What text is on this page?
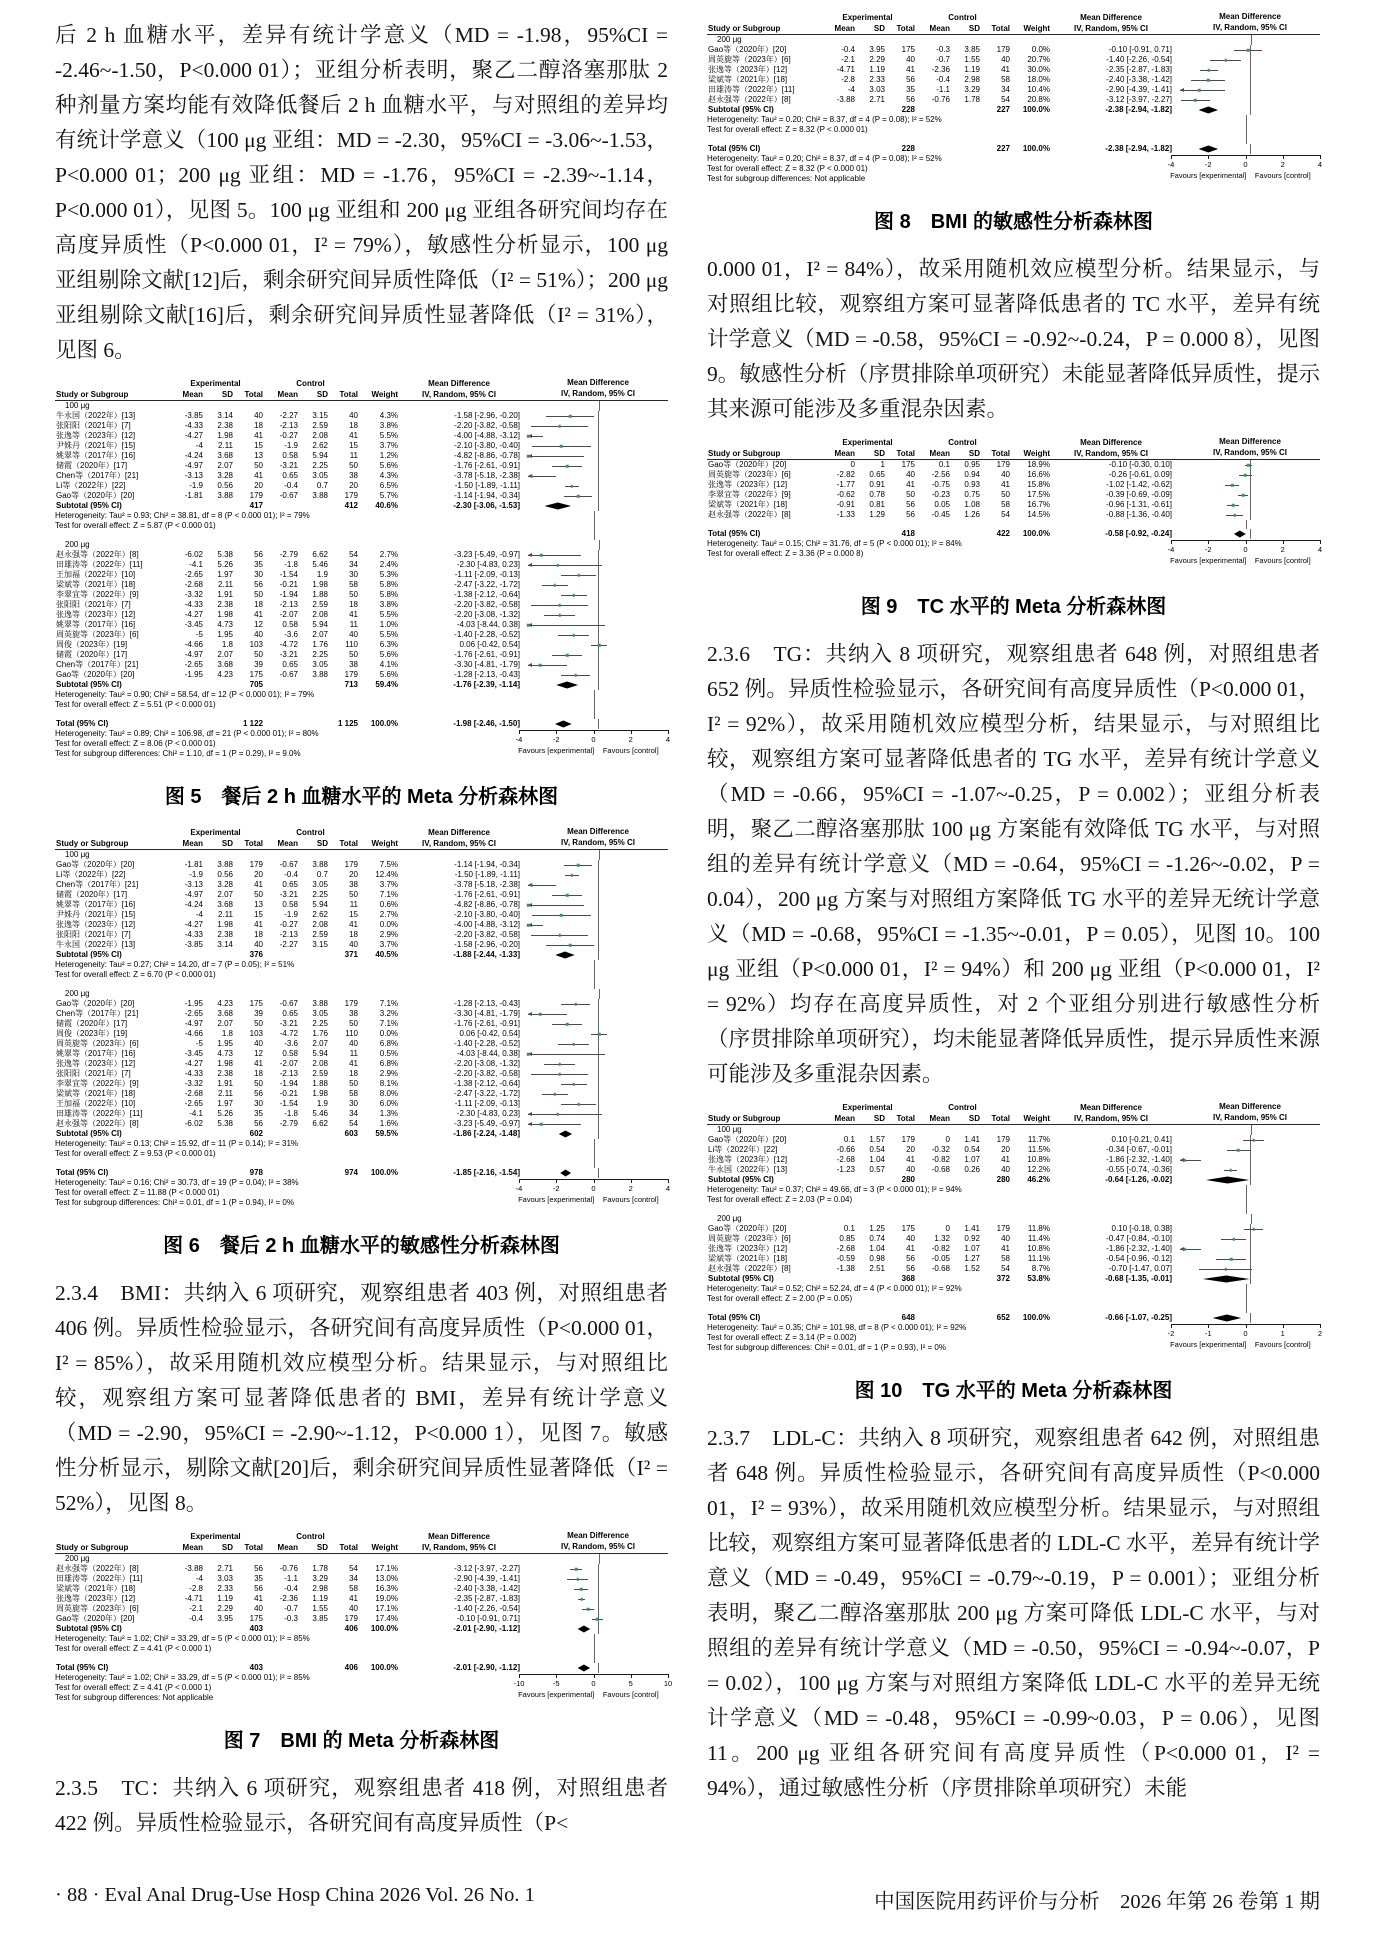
后 2 h 血糖水平，差异有统计学意义（MD = -1.98，95%CI = -2.46~-1.50，P<0.000 01）；亚组分析表明，聚乙二醇洛塞那肽 2 种剂量方案均能有效降低餐后 2 h 血糖水平，与对照组的差异均有统计学意义（100 μg 亚组：MD = -2.30，95%CI = -3.06~-1.53，P<0.000 01；200 μg 亚组：MD = -1.76，95%CI = -2.39~-1.14，P<0.000 01），见图 5。100 μg 亚组和 200 μg 亚组各研究间均存在高度异质性（P<0.000 01，I² = 79%），敏感性分析显示，100 μg 亚组剔除文献[12]后，剩余研究间异质性降低（I² = 51%）；200 μg 亚组剔除文献[16]后，剩余研究间异质性显著降低（I² = 31%），见图 6。

Experimental	Control	Mean Difference	Mean Difference
Study or Subgroup	Mean	SD	Total	Mean	SD	Total	Weight	IV, Random, 95% CI	IV, Random, 95% CI
100 μg
牛永国（2022年）[13]	-3.85	3.14	40	-2.27	3.15	40	4.3%	-1.58 [-2.96, -0.20]
张阳阳（2021年）[7]	-4.33	2.38	18	-2.13	2.59	18	3.8%	-2.20 [-3.82, -0.58]
张逸等（2023年）[12]	-4.27	1.98	41	-0.27	2.08	41	5.5%	-4.00 [-4.88, -3.12]
尹姝丹（2021年）[15]	-4	2.11	15	-1.9	2.62	15	3.7%	-2.10 [-3.80, -0.40]
姚翠等（2017年）[16]	-4.24	3.68	13	0.58	5.94	11	1.2%	-4.82 [-8.86, -0.78]
储霞（2020年）[17]	-4.97	2.07	50	-3.21	2.25	50	5.6%	-1.76 [-2.61, -0.91]
Chen等（2017年）[21]	-3.13	3.28	41	0.65	3.05	38	4.3%	-3.78 [-5.18, -2.38]
Li等（2022年）[22]	-1.9	0.56	20	-0.4	0.7	20	6.5%	-1.50 [-1.89, -1.11]
Gao等（2020年）[20]	-1.81	3.88	179	-0.67	3.88	179	5.7%	-1.14 [-1.94, -0.34]
Subtotal (95% CI)	417	412	40.6%	-2.30 [-3.06, -1.53]
Heterogeneity: Tau² = 0.93; Chi² = 38.81, df = 8 (P < 0.000 01); I² = 79%
Test for overall effect: Z = 5.87 (P < 0.000 01)
200 μg
赵永强等（2022年）[8]	-6.02	5.38	56	-2.79	6.62	54	2.7%	-3.23 [-5.49, -0.97]
田雄涛等（2022年）[11]	-4.1	5.26	35	-1.8	5.46	34	2.4%	-2.30 [-4.83, 0.23]
王加福（2022年）[10]	-2.65	1.97	30	-1.54	1.9	30	5.3%	-1.11 [-2.09, -0.13]
梁斌等（2021年）[18]	-2.68	2.11	56	-0.21	1.98	58	5.8%	-2.47 [-3.22, -1.72]
李翠宜等（2022年）[9]	-3.32	1.91	50	-1.94	1.88	50	5.8%	-1.38 [-2.12, -0.64]
张阳阳（2021年）[7]	-4.33	2.38	18	-2.13	2.59	18	3.8%	-2.20 [-3.82, -0.58]
张逸等（2023年）[12]	-4.27	1.98	41	-2.07	2.08	41	5.5%	-2.20 [-3.08, -1.32]
姚翠等（2017年）[16]	-3.45	4.73	12	0.58	5.94	11	1.0%	-4.03 [-8.44, 0.38]
周英旎等（2023年）[6]	-5	1.95	40	-3.6	2.07	40	5.5%	-1.40 [-2.28, -0.52]
周俊（2023年）[19]	-4.66	1.8	103	-4.72	1.76	110	6.3%	0.06 [-0.42, 0.54]
储霞（2020年）[17]	-4.97	2.07	50	-3.21	2.25	50	5.6%	-1.76 [-2.61, -0.91]
Chen等（2017年）[21]	-2.65	3.68	39	0.65	3.05	38	4.1%	-3.30 [-4.81, -1.79]
Gao等（2020年）[20]	-1.95	4.23	175	-0.67	3.88	179	5.6%	-1.28 [-2.13, -0.43]
Subtotal (95% CI)	705	713	59.4%	-1.76 [-2.39, -1.14]
Heterogeneity: Tau² = 0.90; Chi² = 58.54, df = 12 (P < 0.000 01); I² = 79%
Test for overall effect: Z = 5.51 (P < 0.000 01)
Total (95% CI)	1 122	1 125	100.0%	-1.98 [-2.46, -1.50]
Heterogeneity: Tau² = 0.89; Chi² = 106.98, df = 21 (P < 0.000 01); I² = 80%
Test for overall effect: Z = 8.06 (P < 0.000 01)
Test for subgroup differences: Chi² = 1.10, df = 1 (P = 0.29), I² = 9.0%
-4	-2	0	2	4
Favours [experimental] Favours [control]
图 5　餐后 2 h 血糖水平的 Meta 分析森林图
Experimental	Control	Mean Difference	Mean Difference
Study or Subgroup	Mean	SD	Total	Mean	SD	Total	Weight	IV, Random, 95% CI	IV, Random, 95% CI
100 μg
Gao等（2020年）[20]	-1.81	3.88	179	-0.67	3.88	179	7.5%	-1.14 [-1.94, -0.34]
Li等（2022年）[22]	-1.9	0.56	20	-0.4	0.7	20	12.4%	-1.50 [-1.89, -1.11]
Chen等（2017年）[21]	-3.13	3.28	41	0.65	3.05	38	3.7%	-3.78 [-5.18, -2.38]
储霞（2020年）[17]	-4.97	2.07	50	-3.21	2.25	50	7.1%	-1.76 [-2.61, -0.91]
姚翠等（2017年）[16]	-4.24	3.68	13	0.58	5.94	11	0.6%	-4.82 [-8.86, -0.78]
尹姝丹（2021年）[15]	-4	2.11	15	-1.9	2.62	15	2.7%	-2.10 [-3.80, -0.40]
张逸等（2023年）[12]	-4.27	1.98	41	-0.27	2.08	41	0.0%	-4.00 [-4.88, -3.12]
张阳阳（2021年）[7]	-4.33	2.38	18	-2.13	2.59	18	2.9%	-2.20 [-3.82, -0.58]
牛永国（2022年）[13]	-3.85	3.14	40	-2.27	3.15	40	3.7%	-1.58 [-2.96, -0.20]
Subtotal (95% CI)	376	371	40.5%	-1.88 [-2.44, -1.33]
Heterogeneity: Tau² = 0.27; Chi² = 14.20, df = 7 (P = 0.05); I² = 51%
Test for overall effect: Z = 6.70 (P < 0.000 01)
200 μg
Gao等（2020年）[20]	-1.95	4.23	175	-0.67	3.88	179	7.1%	-1.28 [-2.13, -0.43]
Chen等（2017年）[21]	-2.65	3.68	39	0.65	3.05	38	3.2%	-3.30 [-4.81, -1.79]
储霞（2020年）[17]	-4.97	2.07	50	-3.21	2.25	50	7.1%	-1.76 [-2.61, -0.91]
周俊（2023年）[19]	-4.66	1.8	103	-4.72	1.76	110	0.0%	0.06 [-0.42, 0.54]
周英旎等（2023年）[6]	-5	1.95	40	-3.6	2.07	40	6.8%	-1.40 [-2.28, -0.52]
姚翠等（2017年）[16]	-3.45	4.73	12	0.58	5.94	11	0.5%	-4.03 [-8.44, 0.38]
张逸等（2023年）[12]	-4.27	1.98	41	-2.07	2.08	41	6.8%	-2.20 [-3.08, -1.32]
张阳阳（2021年）[7]	-4.33	2.38	18	-2.13	2.59	18	2.9%	-2.20 [-3.82, -0.58]
李翠宜等（2022年）[9]	-3.32	1.91	50	-1.94	1.88	50	8.1%	-1.38 [-2.12, -0.64]
梁斌等（2021年）[18]	-2.68	2.11	56	-0.21	1.98	58	8.0%	-2.47 [-3.22, -1.72]
王加福（2022年）[10]	-2.65	1.97	30	-1.54	1.9	30	6.0%	-1.11 [-2.09, -0.13]
田雄涛等（2022年）[11]	-4.1	5.26	35	-1.8	5.46	34	1.3%	-2.30 [-4.83, 0.23]
赵永强等（2022年）[8]	-6.02	5.38	56	-2.79	6.62	54	1.6%	-3.23 [-5.49, -0.97]
Subtotal (95% CI)	602	603	59.5%	-1.86 [-2.24, -1.48]
Heterogeneity: Tau² = 0.13; Chi² = 15.92, df = 11 (P = 0.14); I² = 31%
Test for overall effect: Z = 9.53 (P < 0.000 01)
Total (95% CI)	978	974	100.0%	-1.85 [-2.16, -1.54]
Heterogeneity: Tau² = 0.16; Chi² = 30.73, df = 19 (P = 0.04); I² = 38%
Test for overall effect: Z = 11.88 (P < 0.000 01)
Test for subgroup differences: Chi² = 0.01, df = 1 (P = 0.94), I² = 0%
-4	-2	0	2	4
Favours [experimental] Favours [control]
图 6　餐后 2 h 血糖水平的敏感性分析森林图

2.3.4　BMI：共纳入 6 项研究，观察组患者 403 例，对照组患者 406 例。异质性检验显示，各研究间有高度异质性（P<0.000 01，I² = 85%），故采用随机效应模型分析。结果显示，与对照组比较，观察组方案可显著降低患者的 BMI，差异有统计学意义（MD = -2.90，95%CI = -2.90~-1.12，P<0.000 1），见图 7。敏感性分析显示，剔除文献[20]后，剩余研究间异质性显著降低（I² = 52%），见图 8。

Experimental	Control	Mean Difference	Mean Difference
Study or Subgroup	Mean	SD	Total	Mean	SD	Total	Weight	IV, Random, 95% CI	IV, Random, 95% CI
200 μg
赵永强等（2022年）[8]	-3.88	2.71	56	-0.76	1.78	54	17.1%	-3.12 [-3.97, -2.27]
田雄涛等（2022年）[11]	-4	3.03	35	-1.1	3.29	34	13.0%	-2.90 [-4.39, -1.41]
梁斌等（2021年）[18]	-2.8	2.33	56	-0.4	2.98	58	16.3%	-2.40 [-3.38, -1.42]
张逸等（2023年）[12]	-4.71	1.19	41	-2.36	1.19	41	19.0%	-2.35 [-2.87, -1.83]
周英旎等（2023年）[6]	-2.1	2.29	40	-0.7	1.55	40	17.1%	-1.40 [-2.26, -0.54]
Gao等（2020年）[20]	-0.4	3.95	175	-0.3	3.85	179	17.4%	-0.10 [-0.91, 0.71]
Subtotal (95% CI)	403	406	100.0%	-2.01 [-2.90, -1.12]
Heterogeneity: Tau² = 1.02; Chi² = 33.29, df = 5 (P < 0.000 01); I² = 85%
Test for overall effect: Z = 4.41 (P < 0.000 1)
Total (95% CI)	403	406	100.0%	-2.01 [-2.90, -1.12]
Heterogeneity: Tau² = 1.02; Chi² = 33.29, df = 5 (P < 0.000 01); I² = 85%
Test for overall effect: Z = 4.41 (P < 0.000 1)
Test for subgroup differences: Not applicable
-10	-5	0	5	10
Favours [experimental] Favours [control]
图 7　BMI 的 Meta 分析森林图

2.3.5　TC：共纳入 6 项研究，观察组患者 418 例，对照组患者 422 例。异质性检验显示，各研究间有高度异质性（P<

Experimental	Control	Mean Difference	Mean Difference
Study or Subgroup	Mean	SD	Total	Mean	SD	Total	Weight	IV, Random, 95% CI	IV, Random, 95% CI
200 μg
Gao等（2020年）[20]	-0.4	3.95	175	-0.3	3.85	179	0.0%	-0.10 [-0.91, 0.71]
周英旎等（2023年）[6]	-2.1	2.29	40	-0.7	1.55	40	20.7%	-1.40 [-2.26, -0.54]
张逸等（2023年）[12]	-4.71	1.19	41	-2.36	1.19	41	30.0%	-2.35 [-2.87, -1.83]
梁斌等（2021年）[18]	-2.8	2.33	56	-0.4	2.98	58	18.0%	-2.40 [-3.38, -1.42]
田雄涛等（2022年）[11]	-4	3.03	35	-1.1	3.29	34	10.4%	-2.90 [-4.39, -1.41]
赵永强等（2022年）[8]	-3.88	2.71	56	-0.76	1.78	54	20.8%	-3.12 [-3.97, -2.27]
Subtotal (95% CI)	228	227	100.0%	-2.38 [-2.94, -1.82]
Heterogeneity: Tau² = 0.20; Chi² = 8.37, df = 4 (P = 0.08); I² = 52%
Test for overall effect: Z = 8.32 (P < 0.000 01)
Total (95% CI)	228	227	100.0%	-2.38 [-2.94, -1.82]
Heterogeneity: Tau² = 0.20; Chi² = 8.37, df = 4 (P = 0.08); I² = 52%
Test for overall effect: Z = 8.32 (P < 0.000 01)
Test for subgroup differences: Not applicable
-4	-2	0	2	4
Favours [experimental] Favours [control]
图 8　BMI 的敏感性分析森林图

0.000 01，I² = 84%），故采用随机效应模型分析。结果显示，与对照组比较，观察组方案可显著降低患者的 TC 水平，差异有统计学意义（MD = -0.58，95%CI = -0.92~-0.24，P = 0.000 8），见图 9。敏感性分析（序贯排除单项研究）未能显著降低异质性，提示其来源可能涉及多重混杂因素。

Experimental	Control	Mean Difference	Mean Difference
Study or Subgroup	Mean	SD	Total	Mean	SD	Total	Weight	IV, Random, 95% CI	IV, Random, 95% CI
Gao等（2020年）[20]	0	1	175	0.1	0.95	179	18.9%	-0.10 [-0.30, 0.10]
周英旎等（2023年）[6]	-2.82	0.65	40	-2.56	0.94	40	16.6%	-0.26 [-0.61, 0.09]
张逸等（2023年）[12]	-1.77	0.91	41	-0.75	0.93	41	15.8%	-1.02 [-1.42, -0.62]
李翠宜等（2022年）[9]	-0.62	0.78	50	-0.23	0.75	50	17.5%	-0.39 [-0.69, -0.09]
梁斌等（2021年）[18]	-0.91	0.81	56	0.05	1.08	58	16.7%	-0.96 [-1.31, -0.61]
赵永强等（2022年）[8]	-1.33	1.29	56	-0.45	1.26	54	14.5%	-0.88 [-1.36, -0.40]
Total (95% CI)	418	422	100.0%	-0.58 [-0.92, -0.24]
Heterogeneity: Tau² = 0.15; Chi² = 31.76, df = 5 (P < 0.000 01); I² = 84%
Test for overall effect: Z = 3.36 (P = 0.000 8)	-4	-2	0	2	4
Favours [experimental] Favours [control]
图 9　TC 水平的 Meta 分析森林图

2.3.6　TG：共纳入 8 项研究，观察组患者 648 例，对照组患者 652 例。异质性检验显示，各研究间有高度异质性（P<0.000 01，I² = 92%），故采用随机效应模型分析，结果显示，与对照组比较，观察组方案可显著降低患者的 TG 水平，差异有统计学意义（MD = -0.66，95%CI = -1.07~-0.25，P = 0.002）；亚组分析表明，聚乙二醇洛塞那肽 100 μg 方案能有效降低 TG 水平，与对照组的差异有统计学意义（MD = -0.64，95%CI = -1.26~-0.02，P = 0.04），200 μg 方案与对照组方案降低 TG 水平的差异无统计学意义（MD = -0.68，95%CI = -1.35~-0.01，P = 0.05），见图 10。100 μg 亚组（P<0.000 01，I² = 94%）和 200 μg 亚组（P<0.000 01，I² = 92%）均存在高度异质性，对 2 个亚组分别进行敏感性分析（序贯排除单项研究），均未能显著降低异质性，提示异质性来源可能涉及多重混杂因素。

Experimental	Control	Mean Difference	Mean Difference
Study or Subgroup	Mean	SD	Total	Mean	SD	Total	Weight	IV, Random, 95% CI	IV, Random, 95% CI
100 μg
Gao等（2020年）[20]	0.1	1.57	179	0	1.41	179	11.7%	0.10 [-0.21, 0.41]
Li等（2022年）[22]	-0.66	0.54	20	-0.32	0.54	20	11.5%	-0.34 [-0.67, -0.01]
张逸等（2023年）[12]	-2.68	1.04	41	-0.82	1.07	41	10.8%	-1.86 [-2.32, -1.40]
牛永国（2022年）[13]	-1.23	0.57	40	-0.68	0.26	40	12.2%	-0.55 [-0.74, -0.36]
Subtotal (95% CI)	280	280	46.2%	-0.64 [-1.26, -0.02]
Heterogeneity: Tau² = 0.37; Chi² = 49.66, df = 3 (P < 0.000 01); I² = 94%
Test for overall effect: Z = 2.03 (P = 0.04)
200 μg
Gao等（2020年）[20]	0.1	1.25	175	0	1.41	179	11.8%	0.10 [-0.18, 0.38]
周英旎等（2023年）[6]	0.85	0.74	40	1.32	0.92	40	11.4%	-0.47 [-0.84, -0.10]
张逸等（2023年）[12]	-2.68	1.04	41	-0.82	1.07	41	10.8%	-1.86 [-2.32, -1.40]
梁斌等（2021年）[18]	-0.59	0.98	56	-0.05	1.27	58	11.1%	-0.54 [-0.96, -0.12]
赵永强等（2022年）[8]	-1.38	2.51	56	-0.68	1.52	54	8.7%	-0.70 [-1.47, 0.07]
Subtotal (95% CI)	368	372	53.8%	-0.68 [-1.35, -0.01]
Heterogeneity: Tau² = 0.52; Chi² = 52.24, df = 4 (P < 0.000 01); I² = 92%
Test for overall effect: Z = 2.00 (P = 0.05)
Total (95% CI)	648	652	100.0%	-0.66 [-1.07, -0.25]
Heterogeneity: Tau² = 0.35; Chi² = 101.98, df = 8 (P < 0.000 01); I² = 92%
Test for overall effect: Z = 3.14 (P = 0.002)
Test for subgroup differences: Chi² = 0.01, df = 1 (P = 0.93), I² = 0%
-2	-1	0	1	2
Favours [experimental] Favours [control]
图 10　TG 水平的 Meta 分析森林图

2.3.7　LDL-C：共纳入 8 项研究，观察组患者 642 例，对照组患者 648 例。异质性检验显示，各研究间有高度异质性（P<0.000 01，I² = 93%），故采用随机效应模型分析。结果显示，与对照组比较，观察组方案可显著降低患者的 LDL-C 水平，差异有统计学意义（MD = -0.49，95%CI = -0.79~-0.19，P = 0.001）；亚组分析表明，聚乙二醇洛塞那肽 200 μg 方案可降低 LDL-C 水平，与对照组的差异有统计学意义（MD = -0.50，95%CI = -0.94~-0.07，P = 0.02），100 μg 方案与对照组方案降低 LDL-C 水平的差异无统计学意义（MD = -0.48，95%CI = -0.99~0.03，P = 0.06），见图 11。200 μg 亚组各研究间有高度异质性（P<0.000 01，I² = 94%），通过敏感性分析（序贯排除单项研究）未能

· 88 · Eval Anal Drug-Use Hosp China 2026 Vol. 26 No. 1	中国医院用药评价与分析　2026 年第 26 卷第 1 期
